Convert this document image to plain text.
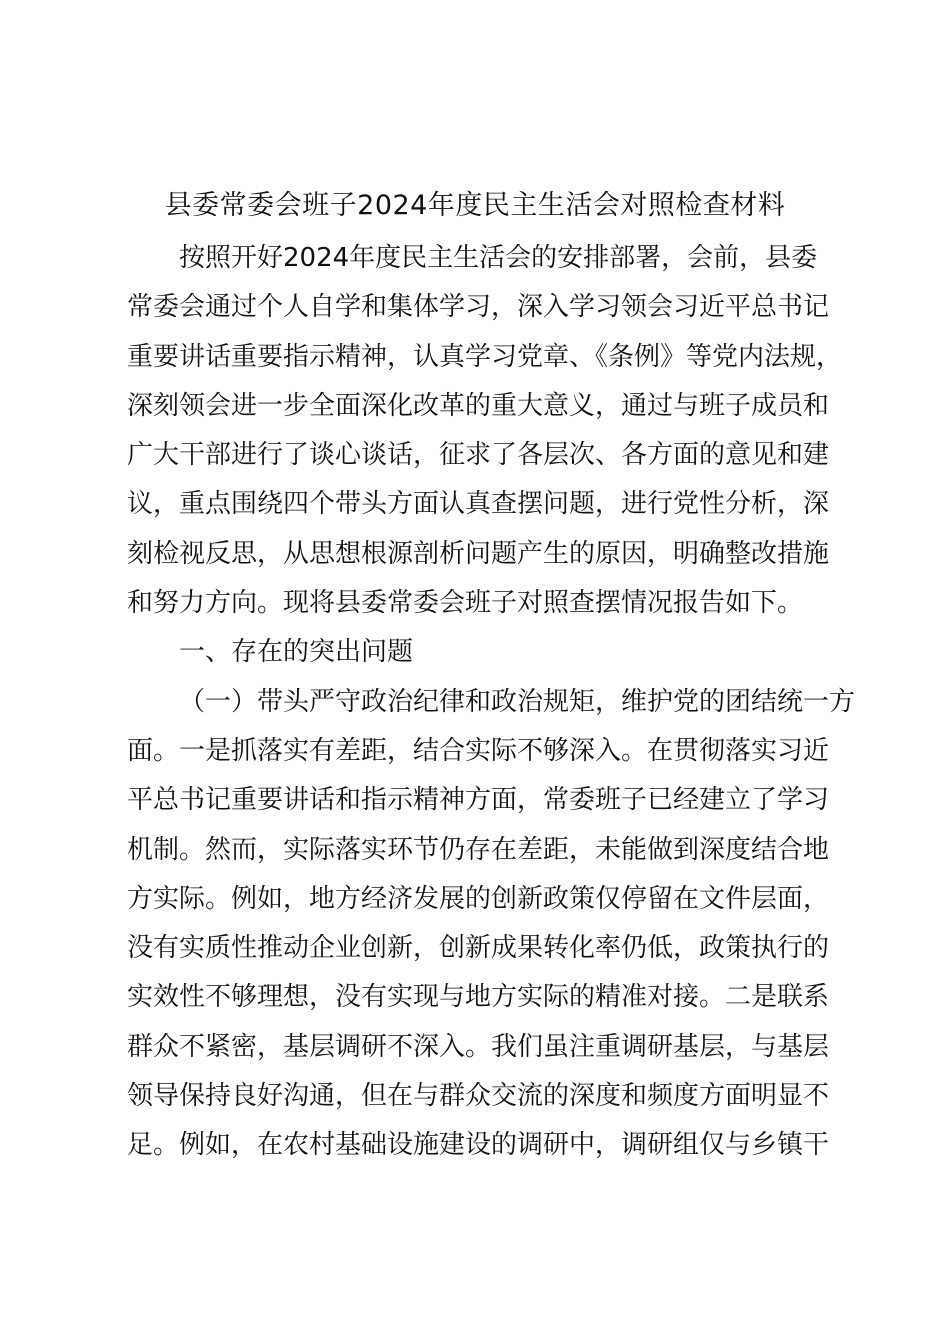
县委常委会班子2024年度民主生活会对照检查材料
按照开好2024年度民主生活会的安排部署，会前，县委
常委会通过个人自学和集体学习，深入学习领会习近平总书记
重要讲话重要指示精神，认真学习党章、《条例》等党内法规，
深刻领会进一步全面深化改革的重大意义，通过与班子成员和
广大干部进行了谈心谈话，征求了各层次、各方面的意见和建
议，重点围绕四个带头方面认真查摆问题，进行党性分析，深
刻检视反思，从思想根源剖析问题产生的原因，明确整改措施
和努力方向。现将县委常委会班子对照查摆情况报告如下。
一、存在的突出问题
（一）带头严守政治纪律和政治规矩，维护党的团结统一方
面。一是抓落实有差距，结合实际不够深入。在贯彻落实习近
平总书记重要讲话和指示精神方面，常委班子已经建立了学习
机制。然而，实际落实环节仍存在差距，未能做到深度结合地
方实际。例如，地方经济发展的创新政策仅停留在文件层面，
没有实质性推动企业创新，创新成果转化率仍低，政策执行的
实效性不够理想，没有实现与地方实际的精准对接。二是联系
群众不紧密，基层调研不深入。我们虽注重调研基层，与基层
领导保持良好沟通，但在与群众交流的深度和频度方面明显不
足。例如，在农村基础设施建设的调研中，调研组仅与乡镇干
